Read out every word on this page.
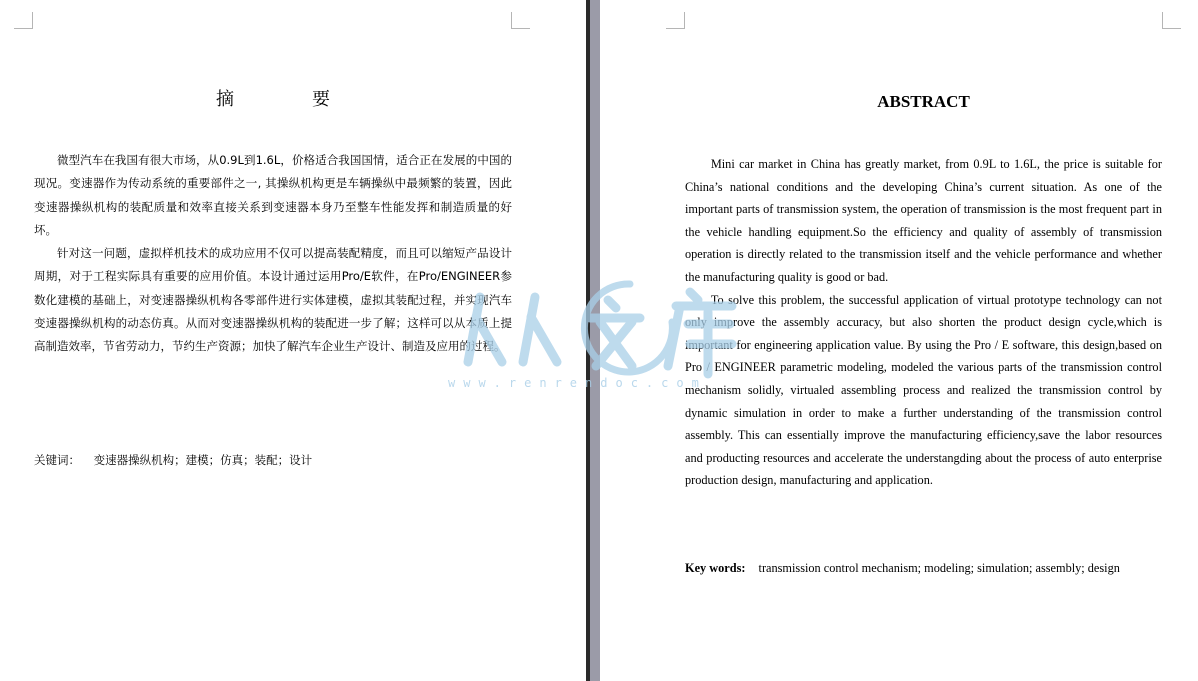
摘　要

微型汽车在我国有很大市场，从0.9L到1.6L，价格适合我国国情，适合正在发展的中国的现况。变速器作为传动系统的重要部件之一, 其操纵机构更是车辆操纵中最频繁的装置，因此变速器操纵机构的装配质量和效率直接关系到变速器本身乃至整车性能发挥和制造质量的好坏。

针对这一问题，虚拟样机技术的成功应用不仅可以提高装配精度，而且可以缩短产品设计周期，对于工程实际具有重要的应用价值。本设计通过运用Pro/E软件，在Pro/ENGINEER参数化建模的基础上，对变速器操纵机构各零部件进行实体建模，虚拟其装配过程，并实现汽车变速器操纵机构的动态仿真。从而对变速器操纵机构的装配进一步了解；这样可以从本质上提高制造效率，节省劳动力，节约生产资源；加快了解汽车企业生产设计、制造及应用的过程。

关键词： 变速器操纵机构；建模；仿真；装配；设计
ABSTRACT

Mini car market in China has greatly market, from 0.9L to 1.6L, the price is suitable for China’s national conditions and the developing China’s current situation. As one of the important parts of transmission system, the operation of transmission is the most frequent part in the vehicle handling equipment.So the efficiency and quality of assembly of transmission operation is directly related to the transmission itself and the vehicle performance and whether the manufacturing quality is good or bad.

To solve this problem, the successful application of virtual prototype technology can not only improve the assembly accuracy, but also shorten the product design cycle,which is important for engineering application value. By using the Pro / E software, this design,based on Pro / ENGINEER parametric modeling, modeled the various parts of the transmission control mechanism solidly, virtualed assembling process and realized the transmission control by dynamic simulation in order to make a further understanding of the transmission control assembly. This can essentially improve the manufacturing efficiency,save the labor resources and producting resources and accelerate the understangding about the process of auto enterprise production design, manufacturing and application.

Key words: transmission control mechanism; modeling; simulation; assembly; design
www.renrendoc.com
